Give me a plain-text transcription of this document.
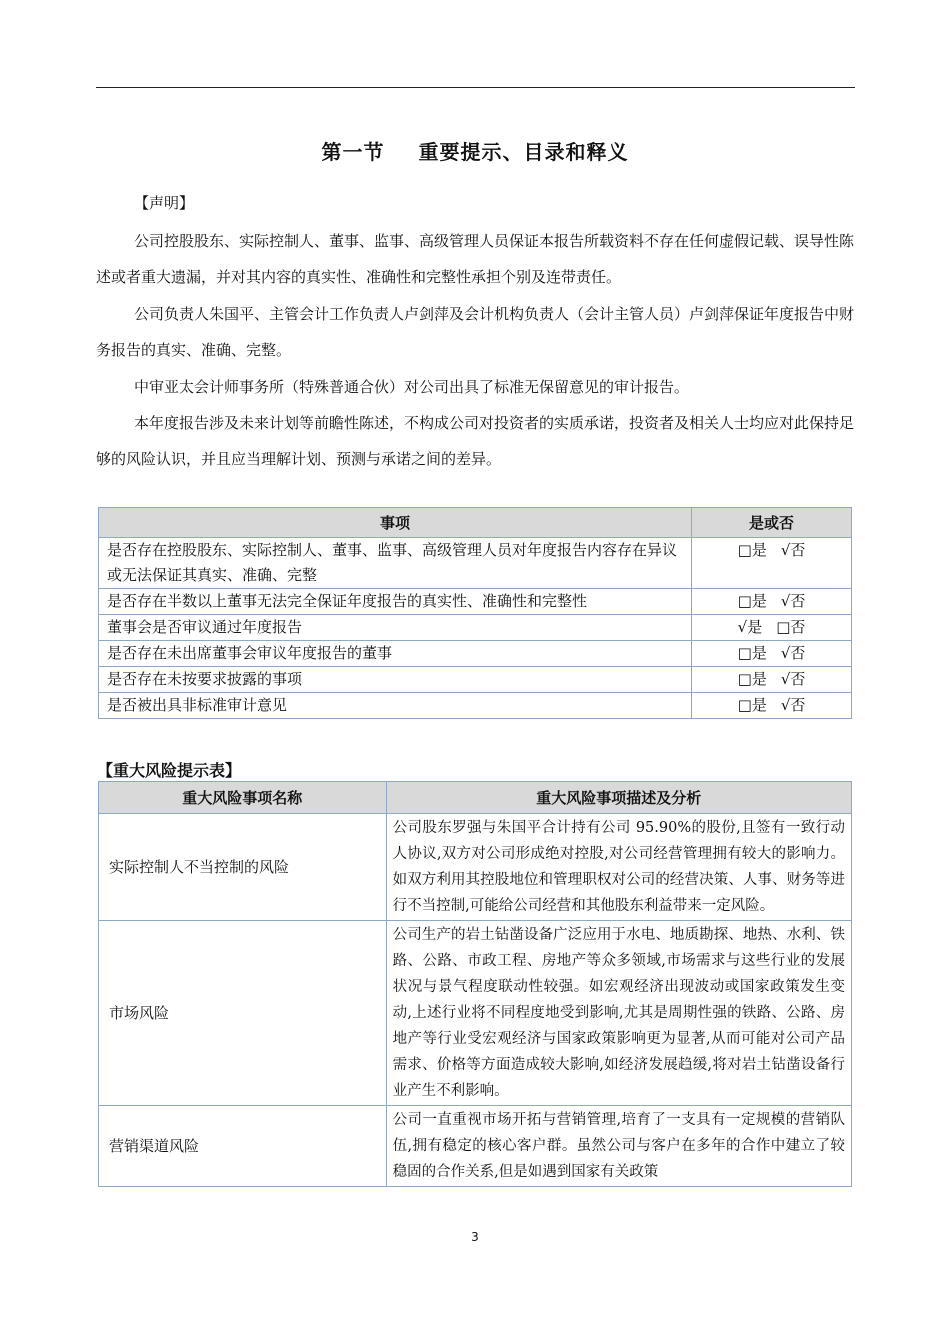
第一节 重要提示、目录和释义

【声明】

公司控股股东、实际控制人、董事、监事、高级管理人员保证本报告所载资料不存在任何虚假记载、误导性陈述或者重大遗漏，并对其内容的真实性、准确性和完整性承担个别及连带责任。

公司负责人朱国平、主管会计工作负责人卢剑萍及会计机构负责人（会计主管人员）卢剑萍保证年度报告中财务报告的真实、准确、完整。

中审亚太会计师事务所（特殊普通合伙）对公司出具了标准无保留意见的审计报告。

本年度报告涉及未来计划等前瞻性陈述，不构成公司对投资者的实质承诺，投资者及相关人士均应对此保持足够的风险认识，并且应当理解计划、预测与承诺之间的差异。

事项	是或否
是否存在控股股东、实际控制人、董事、监事、高级管理人员对年度报告内容存在异议或无法保证其真实、准确、完整	□是 √否
是否存在半数以上董事无法完全保证年度报告的真实性、准确性和完整性	□是 √否
董事会是否审议通过年度报告	√是 □否
是否存在未出席董事会审议年度报告的董事	□是 √否
是否存在未按要求披露的事项	□是 √否
是否被出具非标准审计意见	□是 √否
【重大风险提示表】
重大风险事项名称	重大风险事项描述及分析
实际控制人不当控制的风险	公司股东罗强与朱国平合计持有公司 95.90%的股份,且签有一致行动人协议,双方对公司形成绝对控股,对公司经营管理拥有较大的影响力。如双方利用其控股地位和管理职权对公司的经营决策、人事、财务等进行不当控制,可能给公司经营和其他股东利益带来一定风险。
市场风险	公司生产的岩土钻凿设备广泛应用于水电、地质勘探、地热、水利、铁路、公路、市政工程、房地产等众多领域,市场需求与这些行业的发展状况与景气程度联动性较强。如宏观经济出现波动或国家政策发生变动,上述行业将不同程度地受到影响,尤其是周期性强的铁路、公路、房地产等行业受宏观经济与国家政策影响更为显著,从而可能对公司产品需求、价格等方面造成较大影响,如经济发展趋缓,将对岩土钻凿设备行业产生不利影响。
营销渠道风险	公司一直重视市场开拓与营销管理,培育了一支具有一定规模的营销队伍,拥有稳定的核心客户群。虽然公司与客户在多年的合作中建立了较稳固的合作关系,但是如遇到国家有关政策
3
